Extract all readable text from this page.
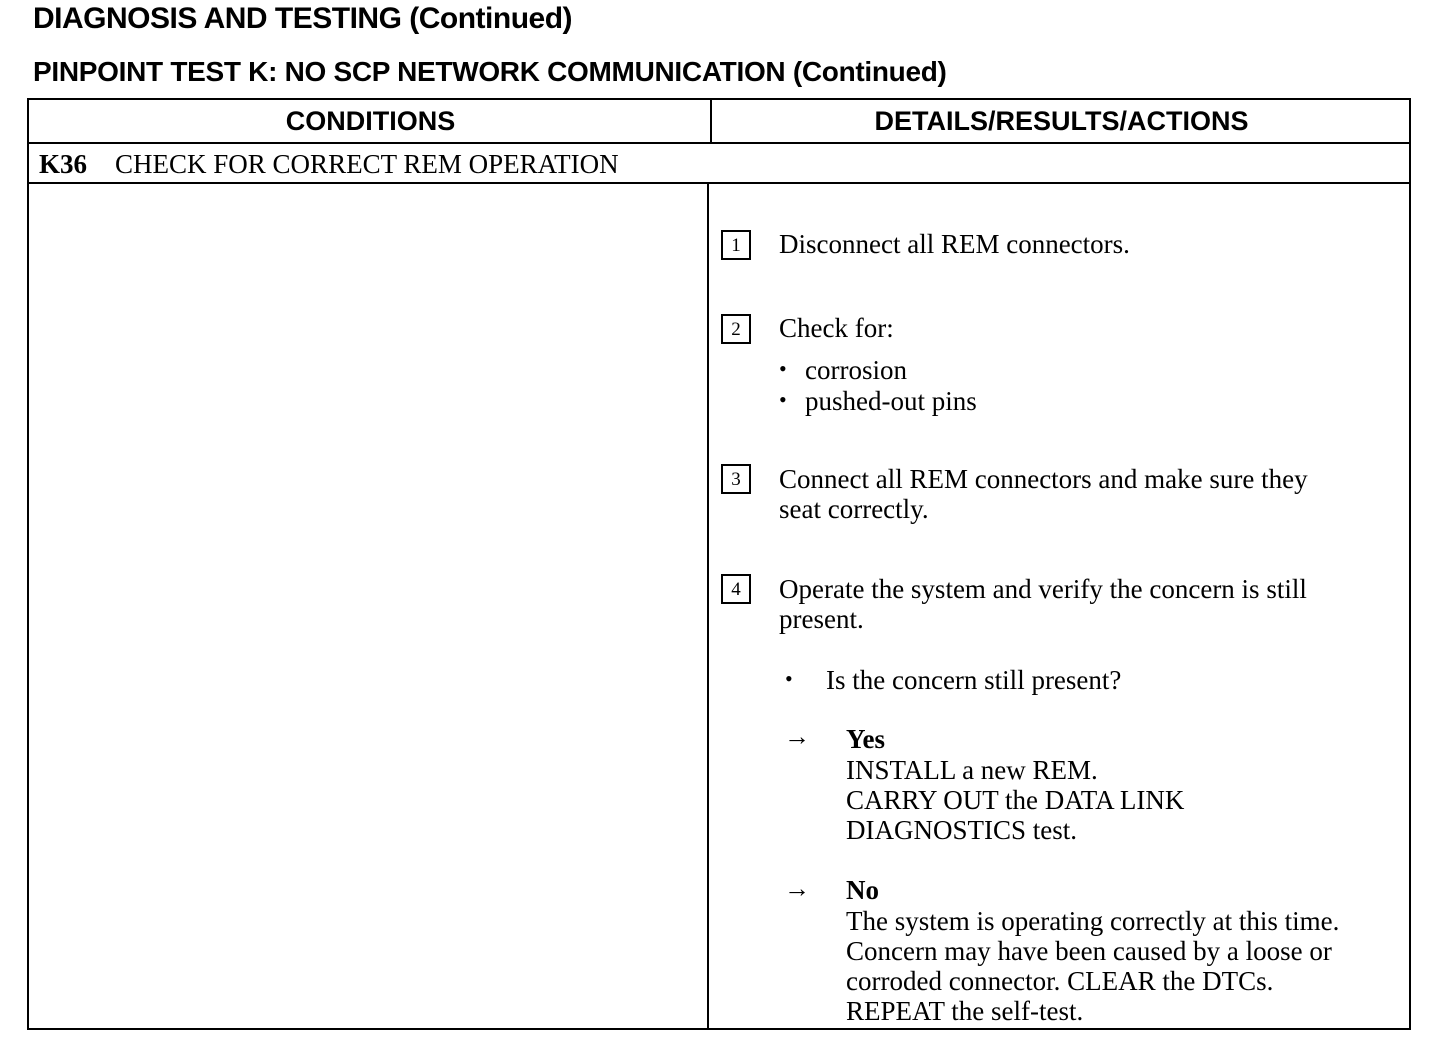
DIAGNOSIS AND TESTING (Continued)
PINPOINT TEST K: NO SCP NETWORK COMMUNICATION (Continued)
CONDITIONS	DETAILS/RESULTS/ACTIONS
K36 CHECK FOR CORRECT REM OPERATION
1	Disconnect all REM connectors.
2	Check for:
• corrosion
• pushed-out pins
3	Connect all REM connectors and make sure they
seat correctly.
4	Operate the system and verify the concern is still
present.
• Is the concern still present?
→ Yes
INSTALL a new REM.
CARRY OUT the DATA LINK
DIAGNOSTICS test.
→ No
The system is operating correctly at this time.
Concern may have been caused by a loose or
corroded connector. CLEAR the DTCs.
REPEAT the self-test.
